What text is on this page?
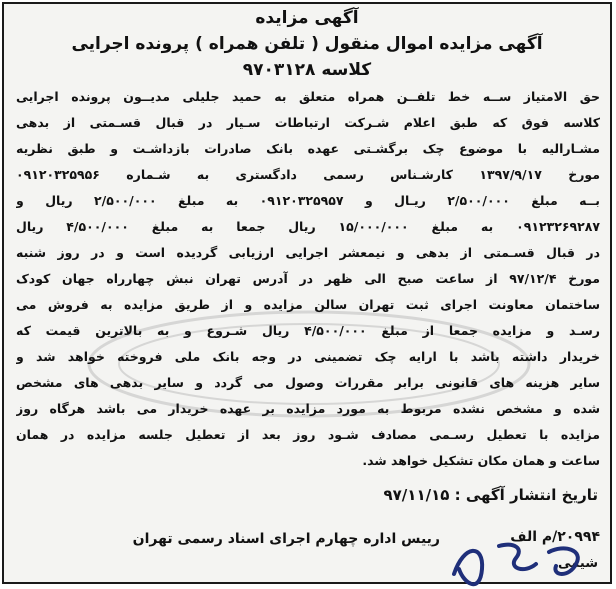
آگهی مزایده
آگهی مزایده اموال منقول ( تلفن همراه ) پرونده اجرایی
کلاسه ۹۷۰۳۱۲۸
حق الامتیاز ســه خط تلفــن همراه متعلق به حمید جلیلی مدیــون پرونده اجرایی
کلاسه فوق که طبق اعلام شـرکت ارتباطات سـیار در قبال قسـمتی از بدهی
مشـارالیه با موضوع چک برگشـتی عهده بانک صادرات بازداشـت و طبق نظریه
مورخ ۱۳۹۷/۹/۱۷ کارشـناس رسمی دادگستری به شـماره ۰۹۱۲۰۳۲۵۹۵۶
بــه مبلغ ۲/۵۰۰/۰۰۰ ریـال و ۰۹۱۲۰۳۲۵۹۵۷ به مبلغ ۲/۵۰۰/۰۰۰ ریال و
۰۹۱۲۳۲۶۹۲۸۷ به مبلغ ۱۵/۰۰۰/۰۰۰ ریال جمعا به مبلغ ۴/۵۰۰/۰۰۰ ریال
در قبال قسـمتی از بدهی و نیمعشر اجرایی ارزیابی گردیده است و در روز شنبه
مورخ ۹۷/۱۲/۴ از ساعت صبح الی ظهر در آدرس تهران نبش چهارراه جهان کودک
ساختمان معاونت اجرای ثبت تهران سالن مزایده و از طریق مزایده به فروش می
رسـد و مزایده جمعا از مبلغ ۴/۵۰۰/۰۰۰ ریال شـروع و به بالاترین قیمت که
خریدار داشته باشد با ارایه چک تضمینی در وجه بانک ملی فروخته خواهد شد و
سایر هزینه های قانونی برابر مقررات وصول می گردد و سایر بدهی های مشخص
شده و مشخص نشده مربوط به مورد مزایده بر عهده خریدار می باشد هرگاه روز
مزایده با تعطیل رسـمی مصادف شـود روز بعد از تعطیل جلسه مزایده در همان
ساعت و همان مکان تشکیل خواهد شد.
تاریخ انتشار آگهی : ۹۷/۱۱/۱۵
۲۰۹۹۴/م الف
رییس اداره چهارم اجرای اسناد رسمی تهران
شیمی
